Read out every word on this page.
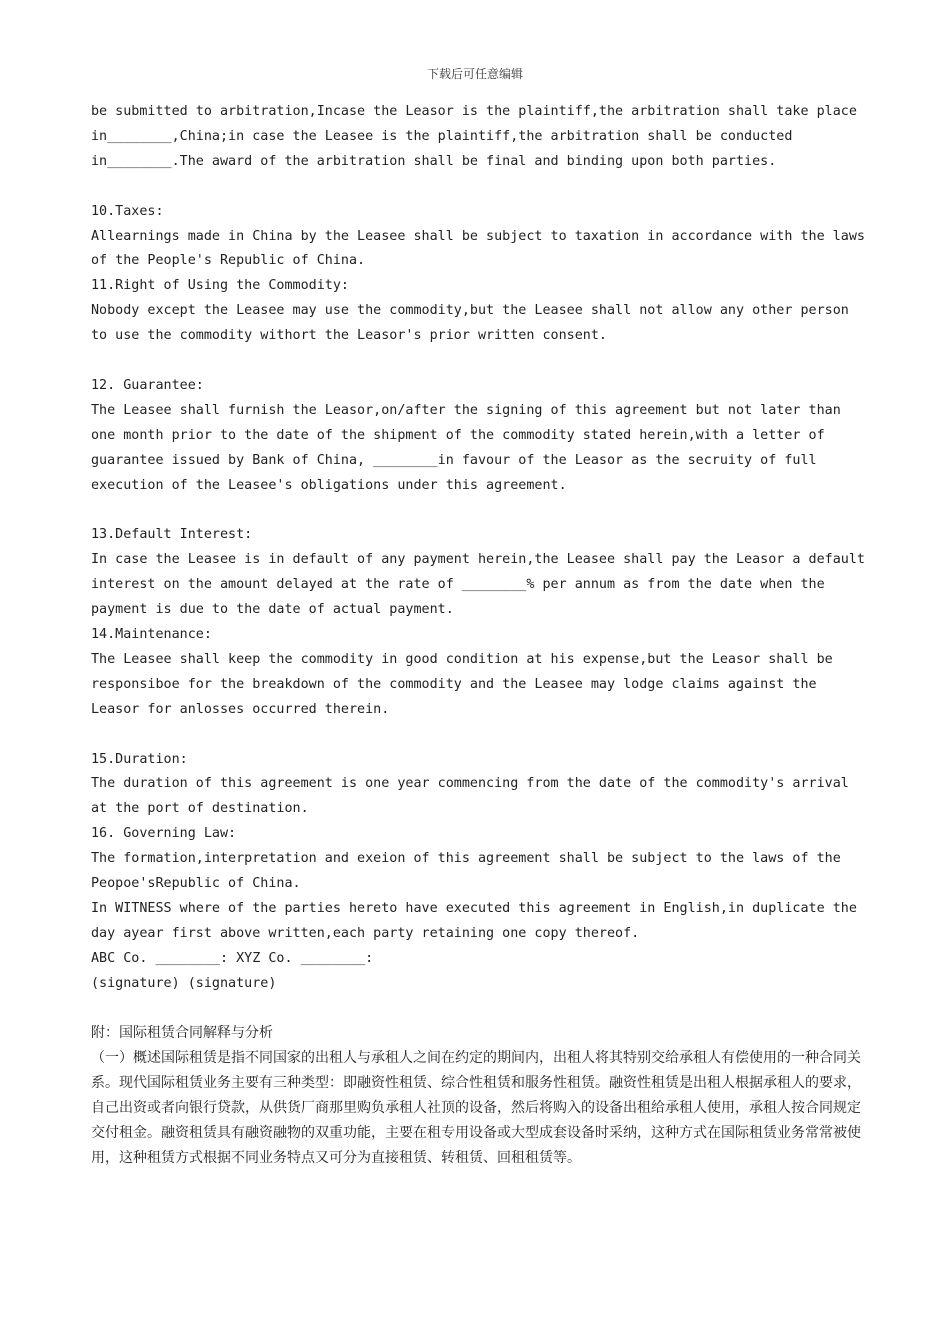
下载后可任意编辑

be submitted to arbitration,Incase the Leasor is the plaintiff,the arbitration shall take place

in________,China;in case the Leasee is the plaintiff,the arbitration shall be conducted

in________.The award of the arbitration shall be final and binding upon both parties.

10.Taxes:

Allearnings made in China by the Leasee shall be subject to taxation in accordance with the laws

of the People's Republic of China.

11.Right of Using the Commodity:

Nobody except the Leasee may use the commodity,but the Leasee shall not allow any other person

to use the commodity withort the Leasor's prior written consent.

12. Guarantee:

The Leasee shall furnish the Leasor,on/after the signing of this agreement but not later than

one month prior to the date of the shipment of the commodity stated herein,with a letter of

guarantee issued by Bank of China, ________in favour of the Leasor as the secruity of full

execution of the Leasee's obligations under this agreement.

13.Default Interest:

In case the Leasee is in default of any payment herein,the Leasee shall pay the Leasor a default

interest on the amount delayed at the rate of ________% per annum as from the date when the

payment is due to the date of actual payment.

14.Maintenance:

The Leasee shall keep the commodity in good condition at his expense,but the Leasor shall be

responsiboe for the breakdown of the commodity and the Leasee may lodge claims against the

Leasor for anlosses occurred therein.

15.Duration:

The duration of this agreement is one year commencing from the date of the commodity's arrival

at the port of destination.

16. Governing Law:

The formation,interpretation and exeion of this agreement shall be subject to the laws of the

Peopoe'sRepublic of China.

In WITNESS where of the parties hereto have executed this agreement in English,in duplicate the

day ayear first above written,each party retaining one copy thereof.

ABC Co. ________: XYZ Co. ________:

(signature) (signature)

附：国际租赁合同解释与分析

（一）概述国际租赁是指不同国家的出租人与承租人之间在约定的期间内，出租人将其特别交给承租人有偿使用的一种合同关系。现代国际租赁业务主要有三种类型：即融资性租赁、综合性租赁和服务性租赁。融资性租赁是出租人根据承租人的要求，自己出资或者向银行贷款，从供货厂商那里购负承租人社顶的设备，然后将购入的设备出租给承租人使用，承租人按合同规定交付租金。融资租赁具有融资融物的双重功能，主要在租专用设备或大型成套设备时采纳，这种方式在国际租赁业务常常被使用，这种租赁方式根据不同业务特点又可分为直接租赁、转租赁、回租租赁等。
